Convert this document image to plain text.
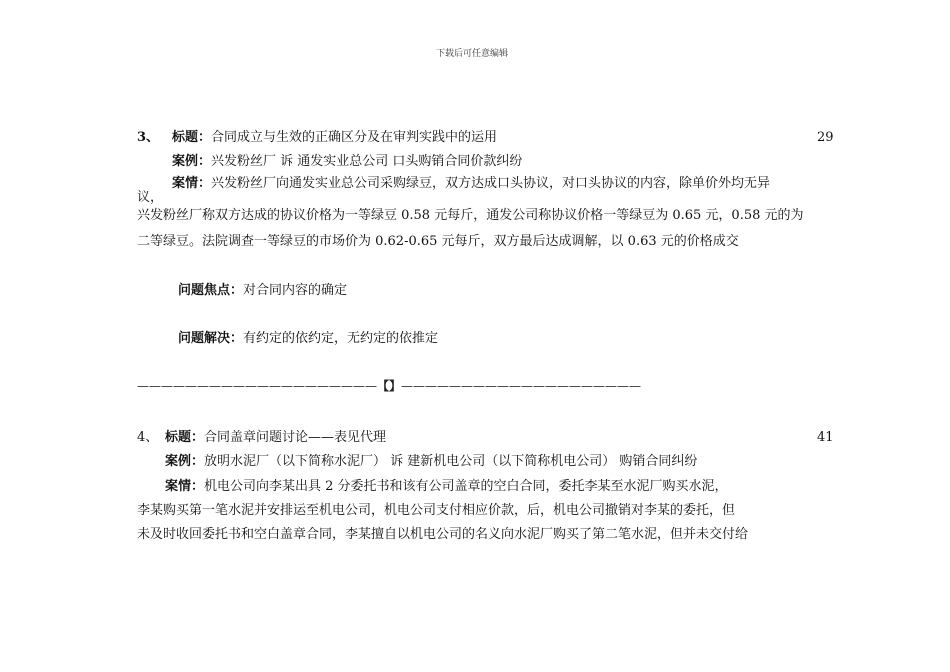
下载后可任意编辑
3、 标题：合同成立与生效的正确区分及在审判实践中的运用	29
案例：兴发粉丝厂 诉 通发实业总公司 口头购销合同价款纠纷
案情：兴发粉丝厂向通发实业总公司采购绿豆，双方达成口头协议，对口头协议的内容，除单价外均无异
议，
兴发粉丝厂称双方达成的协议价格为一等绿豆 0.58 元每斤，通发公司称协议价格一等绿豆为 0.65 元，0.58 元的为
二等绿豆。法院调查一等绿豆的市场价为 0.62-0.65 元每斤，双方最后达成调解，以 0.63 元的价格成交
问题焦点：对合同内容的确定
问题解决：有约定的依约定，无约定的依推定
————————————————————【】————————————————————
4、 标题：合同盖章问题讨论——表见代理	41
案例：放明水泥厂（以下简称水泥厂） 诉 建新机电公司（以下简称机电公司） 购销合同纠纷
案情：机电公司向李某出具 2 分委托书和该有公司盖章的空白合同，委托李某至水泥厂购买水泥，
李某购买第一笔水泥并安排运至机电公司，机电公司支付相应价款，后，机电公司撤销对李某的委托，但
未及时收回委托书和空白盖章合同，李某擅自以机电公司的名义向水泥厂购买了第二笔水泥，但并未交付给
